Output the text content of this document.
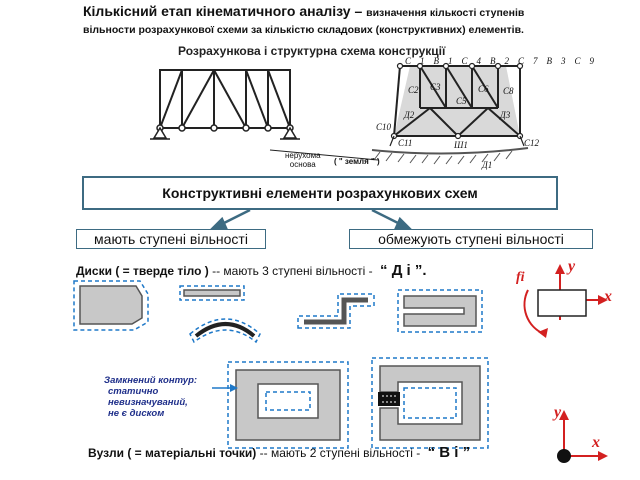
Кількісний етап кінематичного аналізу – визначення кількості ступенів
вільности розрахункової схеми за кількістю складових (конструктивних) елементів.
Розрахункова і структурна схема конструкції
C1B1C4B2C7B3C9
C2 C3
C5
C6 C8
Д2	Д3
Д1
C10
C11	C12
Ш1
нерухома
основа	( " земля " )
Конструктивні елементи розрахункових схем
мають ступені вільності	обмежують ступені вільності
Диски ( = тверде тіло ) -- мають 3 ступені вільності - “ Д i ”.	fi
y
x
Замкнений контур:
статично
невизначуваний,
не є диском
Вузли ( = матеріальні точки) -- мають 2 ступені вільності - “ В i ”
y
x
